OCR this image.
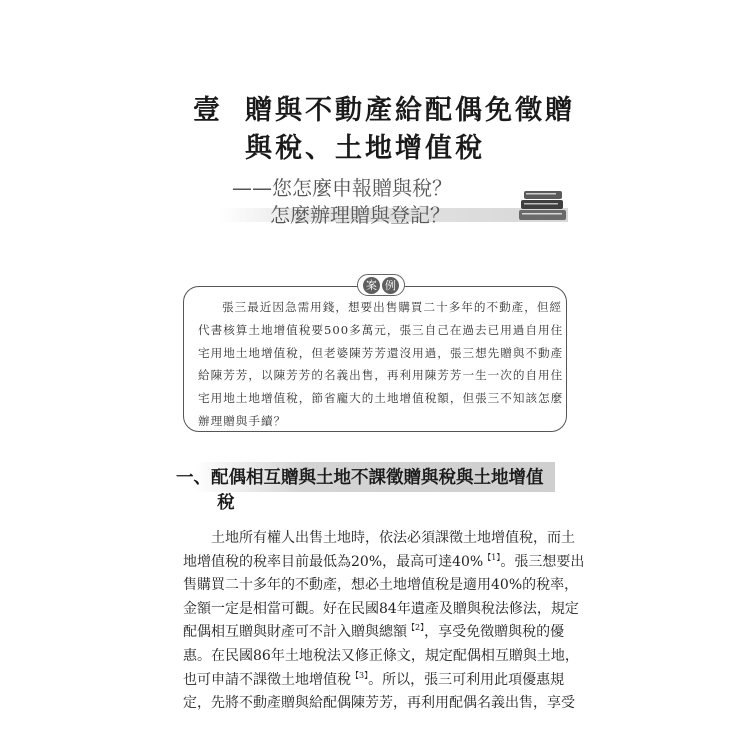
壹 贈與不動產給配偶免徵贈
與稅、土地增值稅
——您怎麼申報贈與稅？
怎麼辦理贈與登記？
案 例
張三最近因急需用錢，想要出售購買二十多年的不動產，但經
代書核算土地增值稅要500多萬元，張三自己在過去已用過自用住
宅用地土地增值稅，但老婆陳芳芳還沒用過，張三想先贈與不動產
給陳芳芳，以陳芳芳的名義出售，再利用陳芳芳一生一次的自用住
宅用地土地增值稅，節省龐大的土地增值稅額，但張三不知該怎麼
辦理贈與手續？
一、配偶相互贈與土地不課徵贈與稅與土地增值
稅
土地所有權人出售土地時，依法必須課徵土地增值稅，而土
地增值稅的稅率目前最低為20%，最高可達40%$^{【1】}$。張三想要出
售購買二十多年的不動產，想必土地增值稅是適用40%的稅率，
金額一定是相當可觀。好在民國84年遺產及贈與稅法修法，規定
配偶相互贈與財產可不計入贈與總額$^{【2】}$，享受免徵贈與稅的優
惠。在民國86年土地稅法又修正條文，規定配偶相互贈與土地，
也可申請不課徵土地增值稅$^{【3】}$。所以，張三可利用此項優惠規
定，先將不動產贈與給配偶陳芳芳，再利用配偶名義出售，享受
